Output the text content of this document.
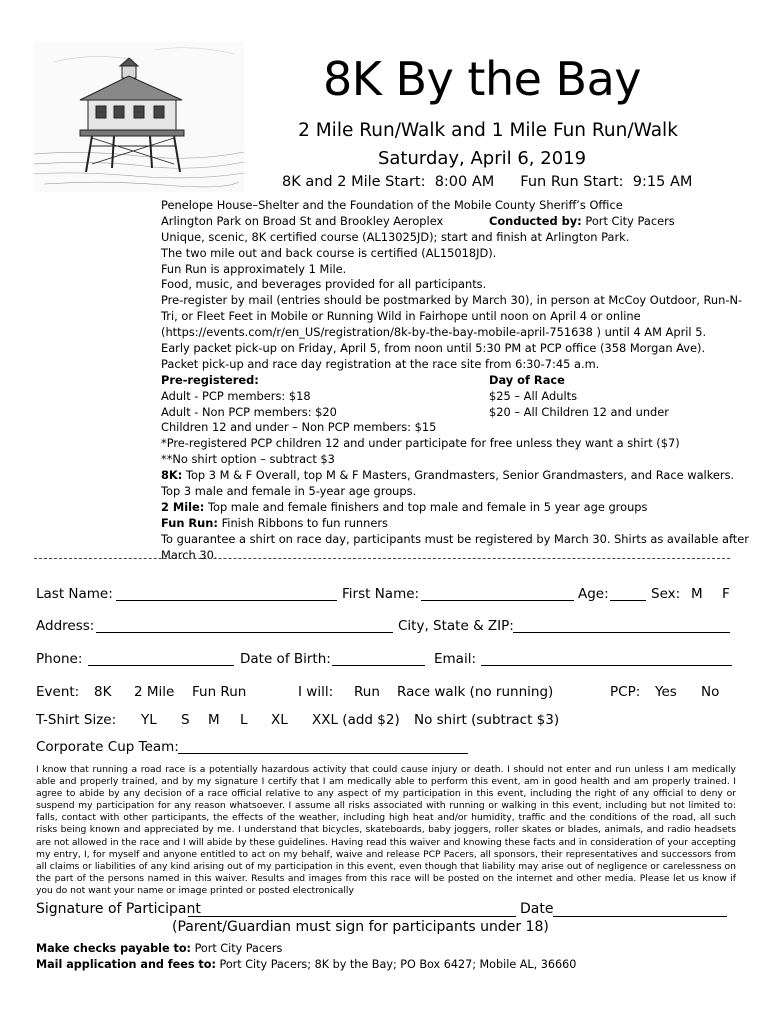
8K By the Bay
2 Mile Run/Walk and 1 Mile Fun Run/Walk
Saturday, April 6, 2019
8K and 2 Mile Start:  8:00 AM Fun Run Start:  9:15 AM
Penelope House–Shelter and the Foundation of the Mobile County Sheriff’s Office
Arlington Park on Broad St and Brookley Aeroplex	Conducted by: Port City Pacers
Unique, scenic, 8K certified course (AL13025JD); start and finish at Arlington Park.
The two mile out and back course is certified (AL15018JD).
Fun Run is approximately 1 Mile.
Food, music, and beverages provided for all participants.
Pre-register by mail (entries should be postmarked by March 30), in person at McCoy Outdoor, Run-N-
Tri, or Fleet Feet in Mobile or Running Wild in Fairhope until noon on April 4 or online
(https://events.com/r/en_US/registration/8k-by-the-bay-mobile-april-751638 ) until 4 AM April 5.
Early packet pick-up on Friday, April 5, from noon until 5:30 PM at PCP office (358 Morgan Ave).
Packet pick-up and race day registration at the race site from 6:30-7:45 a.m.
Pre-registered:	Day of Race
Adult - PCP members: $18	$25 – All Adults
Adult - Non PCP members: $20	$20 – All Children 12 and under
Children 12 and under – Non PCP members: $15
*Pre-registered PCP children 12 and under participate for free unless they want a shirt ($7)
**No shirt option – subtract $3
8K: Top 3 M & F Overall, top M & F Masters, Grandmasters, Senior Grandmasters, and Race walkers.
Top 3 male and female in 5-year age groups.
2 Mile: Top male and female finishers and top male and female in 5 year age groups
Fun Run: Finish Ribbons to fun runners
To guarantee a shirt on race day, participants must be registered by March 30. Shirts as available after
March 30.
Last Name:	First Name:	Age:	Sex: M F
Address:	City, State & ZIP:
Phone:	Date of Birth:	Email:
Event: 8K 2 Mile Fun Run	I will: Run Race walk (no running)	PCP: Yes No
T-Shirt Size: YL S M L XL XXL (add $2) No shirt (subtract $3)
Corporate Cup Team:
I know that running a road race is a potentially hazardous activity that could cause injury or death. I should not enter and run unless I am medically able and properly trained, and by my signature I certify that I am medically able to perform this event, am in good health and am properly trained. I agree to abide by any decision of a race official relative to any aspect of my participation in this event, including the right of any official to deny or suspend my participation for any reason whatsoever. I assume all risks associated with running or walking in this event, including but not limited to: falls, contact with other participants, the effects of the weather, including high heat and/or humidity, traffic and the conditions of the road, all such risks being known and appreciated by me. I understand that bicycles, skateboards, baby joggers, roller skates or blades, animals, and radio headsets are not allowed in the race and I will abide by these guidelines. Having read this waiver and knowing these facts and in consideration of your accepting my entry, I, for myself and anyone entitled to act on my behalf, waive and release PCP Pacers, all sponsors, their representatives and successors from all claims or liabilities of any kind arising out of my participation in this event, even though that liability may arise out of negligence or carelessness on the part of the persons named in this waiver. Results and images from this race will be posted on the internet and other media. Please let us know if you do not want your name or image printed or posted electronically
Signature of Participant	Date
(Parent/Guardian must sign for participants under 18)
Make checks payable to: Port City Pacers
Mail application and fees to: Port City Pacers; 8K by the Bay; PO Box 6427; Mobile AL, 36660
